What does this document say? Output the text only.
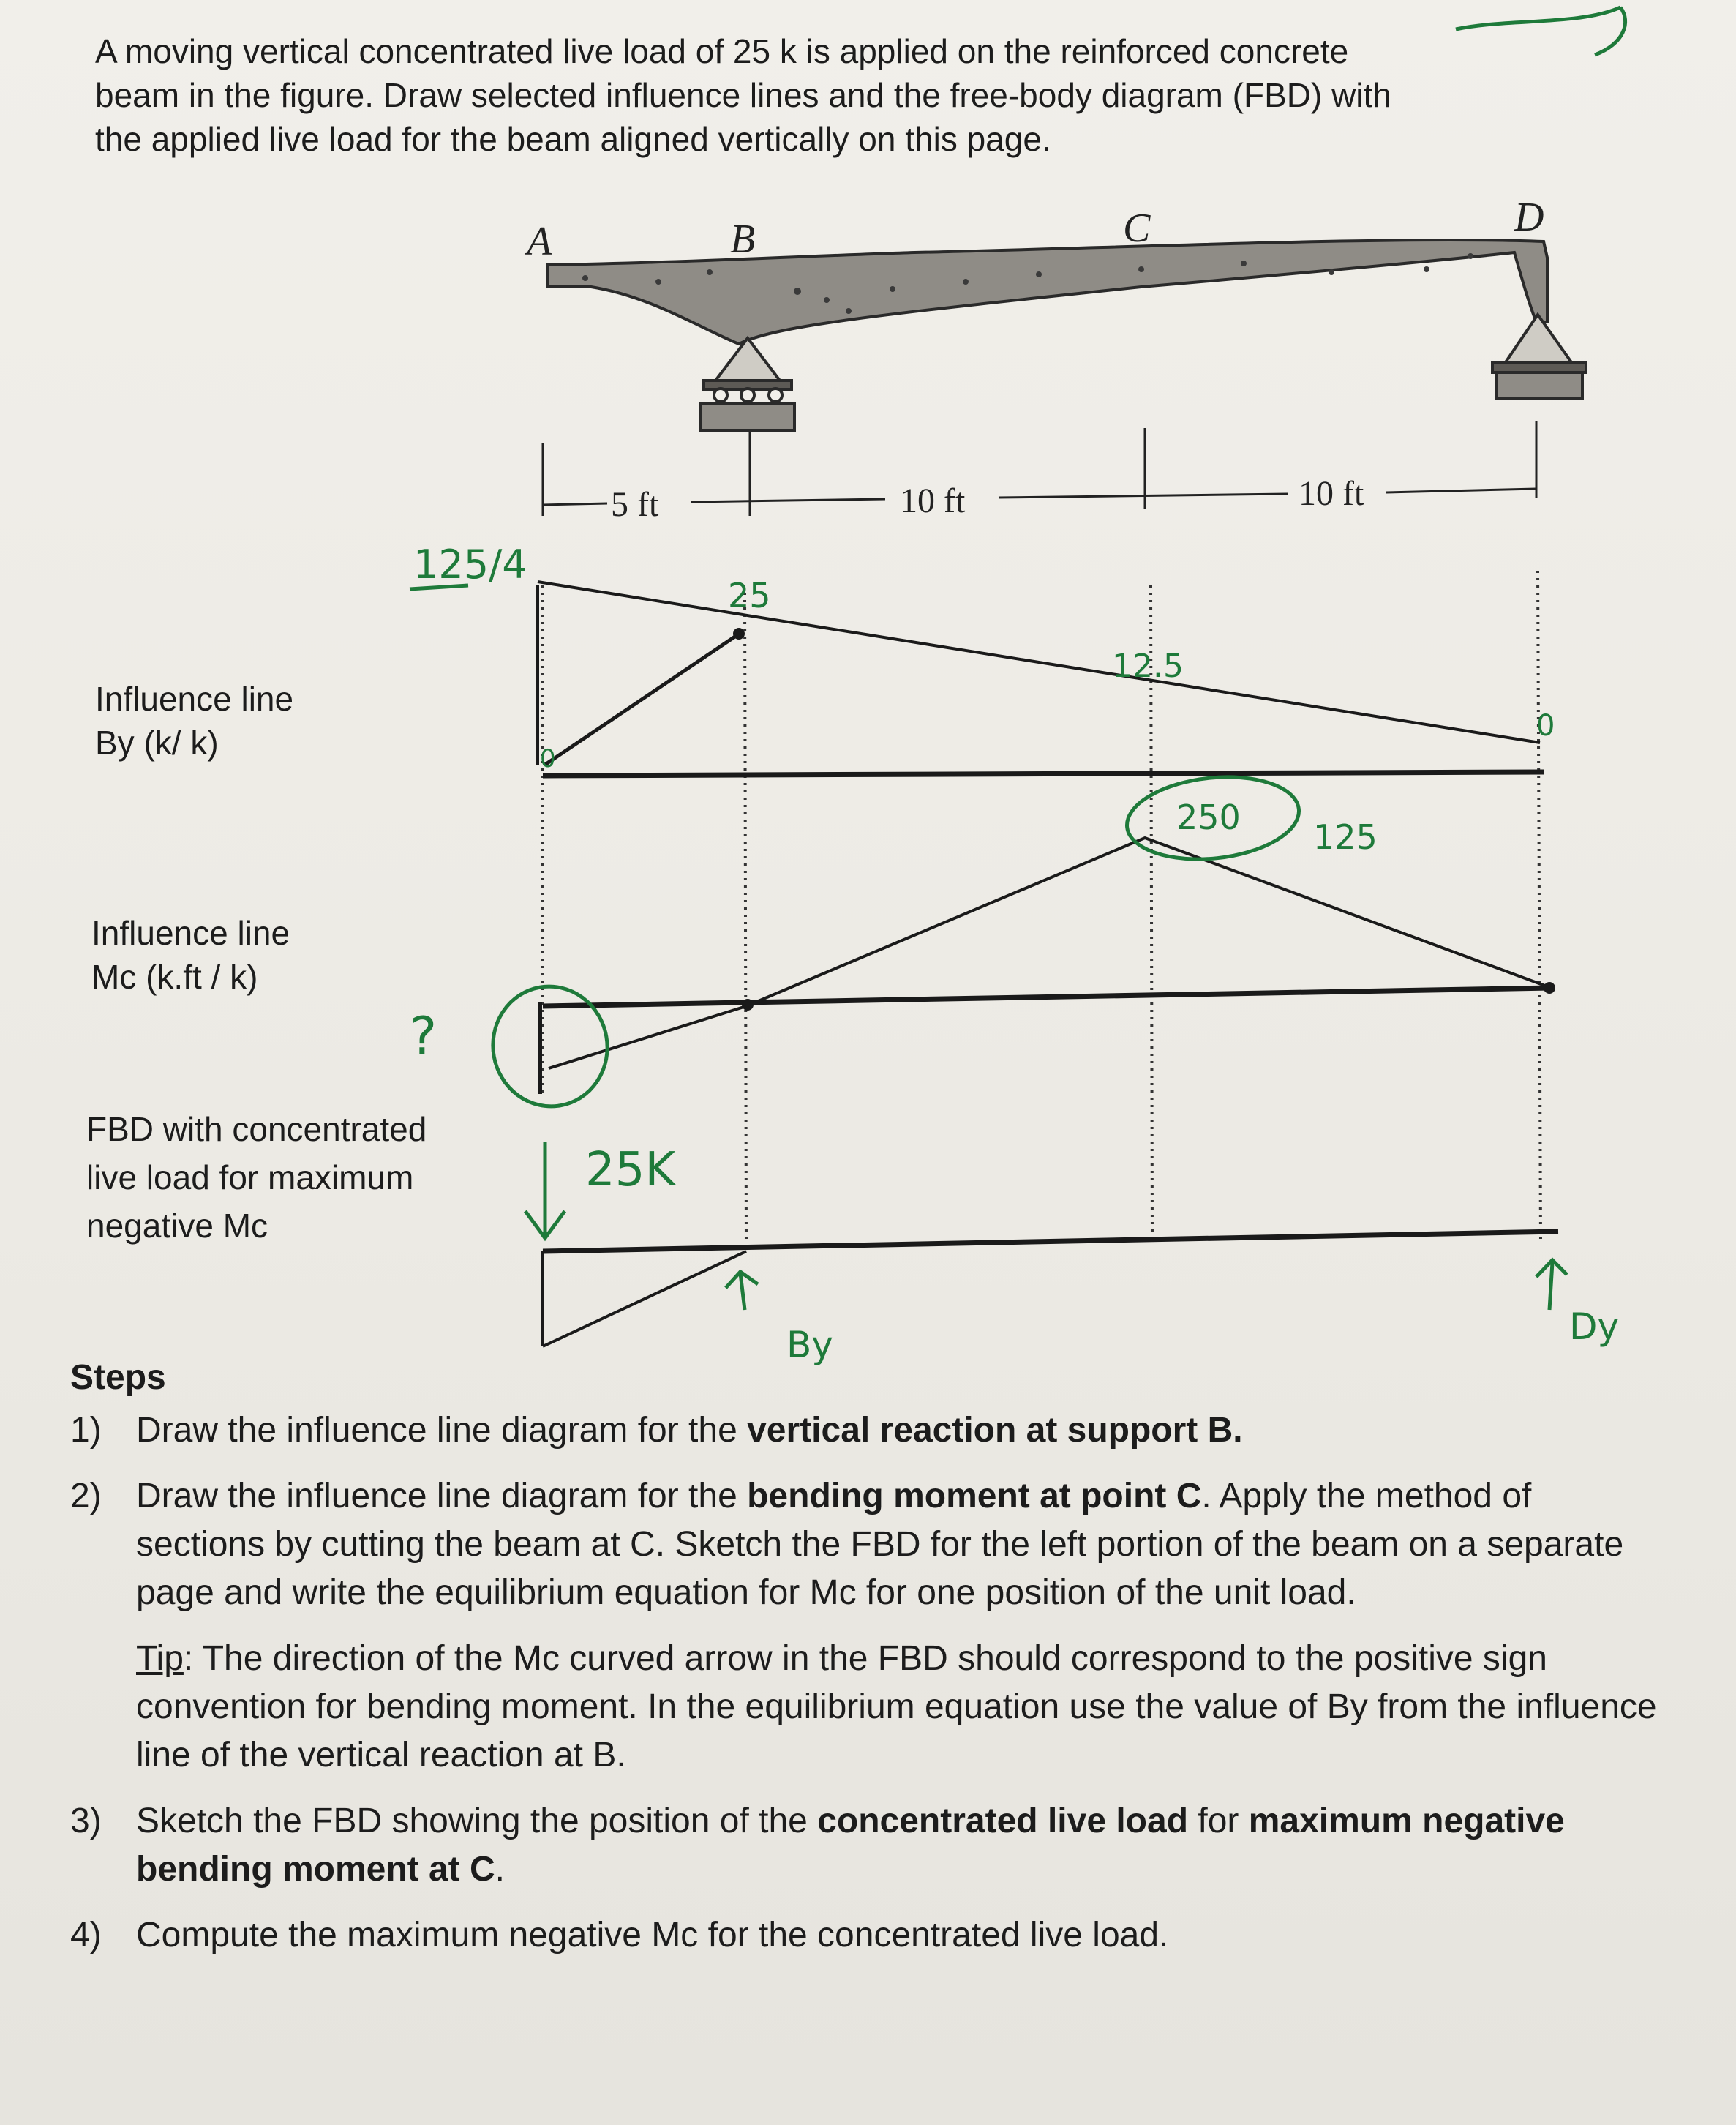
A moving vertical concentrated live load of 25 k is applied on the reinforced concrete
beam in the figure. Draw selected influence lines and the free-body diagram (FBD) with
the applied live load for the beam aligned vertically on this page.
A	B	C	D
5 ft	10 ft	10 ft
125/4
25
12.5
0
0
250 125
?
25K
By	Dy
Influence line
By (k/ k)
Influence line
Mc (k.ft / k)
FBD with concentrated
live load for maximum
negative Mc
Steps
1) Draw the influence line diagram for the vertical reaction at support B.
2) Draw the influence line diagram for the bending moment at point C. Apply the method of sections by cutting the beam at C. Sketch the FBD for the left portion of the beam on a separate page and write the equilibrium equation for Mc for one position of the unit load.
Tip: The direction of the Mc curved arrow in the FBD should correspond to the positive sign convention for bending moment. In the equilibrium equation use the value of By from the influence line of the vertical reaction at B.
3) Sketch the FBD showing the position of the concentrated live load for maximum negative bending moment at C.
4) Compute the maximum negative Mc for the concentrated live load.
